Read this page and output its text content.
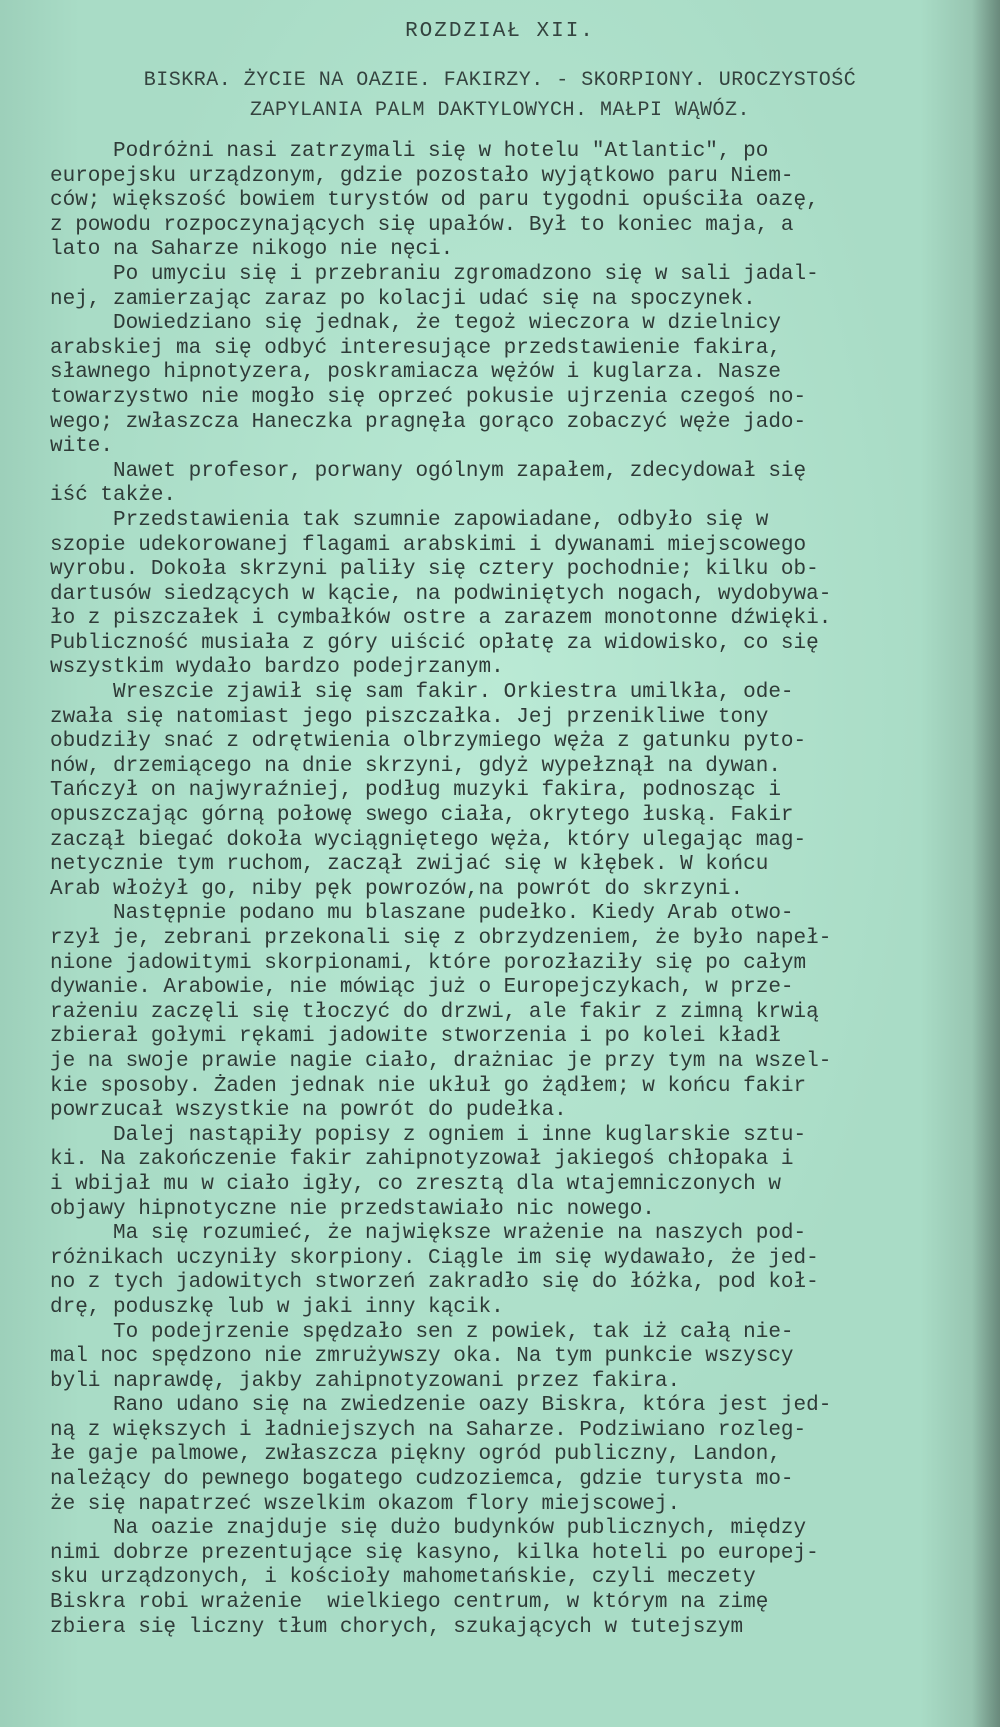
ROZDZIAŁ XII.
BISKRA. ŻYCIE NA OAZIE. FAKIRZY. - SKORPIONY. UROCZYSTOŚĆ
ZAPYLANIA PALM DAKTYLOWYCH. MAŁPI WĄWÓZ.
Podróżni nasi zatrzymali się w hotelu "Atlantic", po
europejsku urządzonym, gdzie pozostało wyjątkowo paru Niem-
ców; większość bowiem turystów od paru tygodni opuściła oazę,
z powodu rozpoczynających się upałów. Był to koniec maja, a
lato na Saharze nikogo nie nęci.
Po umyciu się i przebraniu zgromadzono się w sali jadal-
nej, zamierzając zaraz po kolacji udać się na spoczynek.
Dowiedziano się jednak, że tegoż wieczora w dzielnicy
arabskiej ma się odbyć interesujące przedstawienie fakira,
sławnego hipnotyzera, poskramiacza wężów i kuglarza. Nasze
towarzystwo nie mogło się oprzeć pokusie ujrzenia czegoś no-
wego; zwłaszcza Haneczka pragnęła gorąco zobaczyć węże jado-
wite.
Nawet profesor, porwany ogólnym zapałem, zdecydował się
iść także.
Przedstawienia tak szumnie zapowiadane, odbyło się w
szopie udekorowanej flagami arabskimi i dywanami miejscowego
wyrobu. Dokoła skrzyni paliły się cztery pochodnie; kilku ob-
dartusów siedzących w kącie, na podwiniętych nogach, wydobywa-
ło z piszczałek i cymbałków ostre a zarazem monotonne dźwięki.
Publiczność musiała z góry uiścić opłatę za widowisko, co się
wszystkim wydało bardzo podejrzanym.
Wreszcie zjawił się sam fakir. Orkiestra umilkła, ode-
zwała się natomiast jego piszczałka. Jej przenikliwe tony
obudziły snać z odrętwienia olbrzymiego węża z gatunku pyto-
nów, drzemiącego na dnie skrzyni, gdyż wypełznął na dywan.
Tańczył on najwyraźniej, podług muzyki fakira, podnosząc i
opuszczając górną połowę swego ciała, okrytego łuską. Fakir
zaczął biegać dokoła wyciągniętego węża, który ulegając mag-
netycznie tym ruchom, zaczął zwijać się w kłębek. W końcu
Arab włożył go, niby pęk powrozów,na powrót do skrzyni.
Następnie podano mu blaszane pudełko. Kiedy Arab otwo-
rzył je, zebrani przekonali się z obrzydzeniem, że było napeł-
nione jadowitymi skorpionami, które porozłaziły się po całym
dywanie. Arabowie, nie mówiąc już o Europejczykach, w prze-
rażeniu zaczęli się tłoczyć do drzwi, ale fakir z zimną krwią
zbierał gołymi rękami jadowite stworzenia i po kolei kładł
je na swoje prawie nagie ciało, drażniac je przy tym na wszel-
kie sposoby. Żaden jednak nie ukłuł go żądłem; w końcu fakir
powrzucał wszystkie na powrót do pudełka.
Dalej nastąpiły popisy z ogniem i inne kuglarskie sztu-
ki. Na zakończenie fakir zahipnotyzował jakiegoś chłopaka i
i wbijał mu w ciało igły, co zresztą dla wtajemniczonych w
objawy hipnotyczne nie przedstawiało nic nowego.
Ma się rozumieć, że największe wrażenie na naszych pod-
różnikach uczyniły skorpiony. Ciągle im się wydawało, że jed-
no z tych jadowitych stworzeń zakradło się do łóżka, pod koł-
drę, poduszkę lub w jaki inny kącik.
To podejrzenie spędzało sen z powiek, tak iż całą nie-
mal noc spędzono nie zmrużywszy oka. Na tym punkcie wszyscy
byli naprawdę, jakby zahipnotyzowani przez fakira.
Rano udano się na zwiedzenie oazy Biskra, która jest jed-
ną z większych i ładniejszych na Saharze. Podziwiano rozleg-
łe gaje palmowe, zwłaszcza piękny ogród publiczny, Landon,
należący do pewnego bogatego cudzoziemca, gdzie turysta mo-
że się napatrzeć wszelkim okazom flory miejscowej.
Na oazie znajduje się dużo budynków publicznych, między
nimi dobrze prezentujące się kasyno, kilka hoteli po europej-
sku urządzonych, i kościoły mahometańskie, czyli meczety
Biskra robi wrażenie  wielkiego centrum, w którym na zimę
zbiera się liczny tłum chorych, szukających w tutejszym
